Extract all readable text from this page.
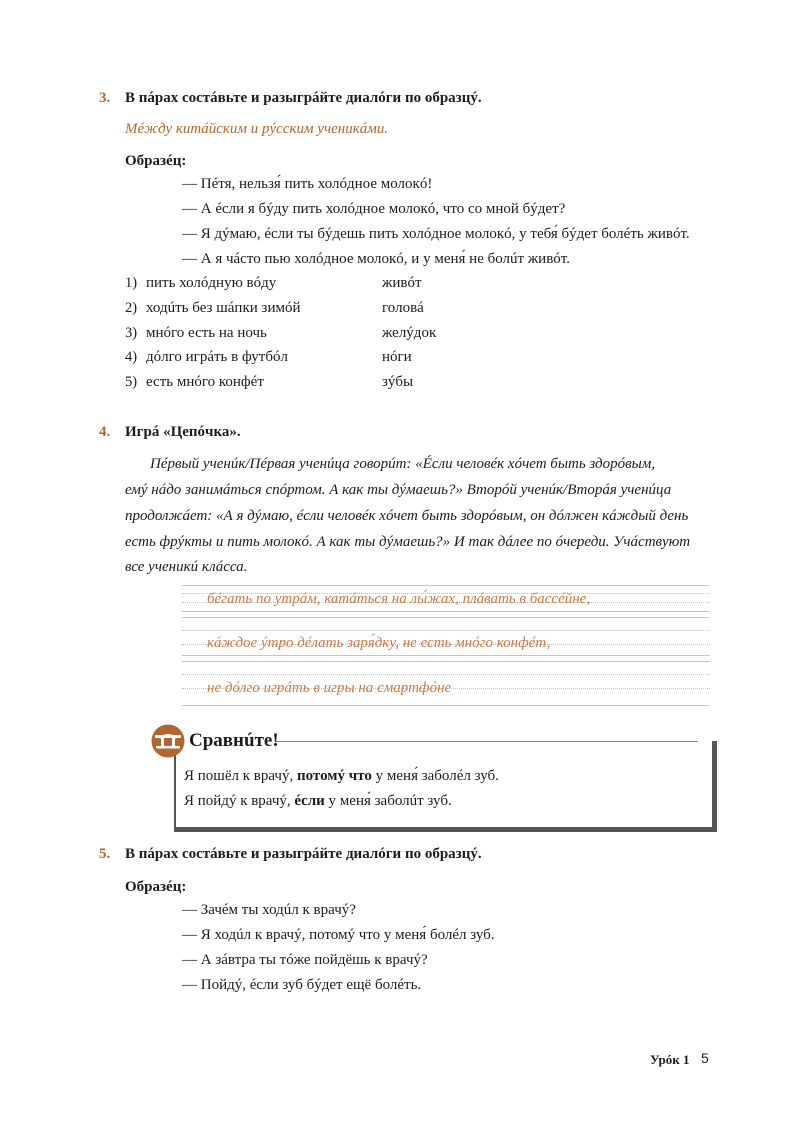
3. В пáрах состáвьте и разыгрáйте диалóги по образцý.
Мéжду китáйским и рýсским ученикáми.
Образéц:
— Пéтя, нельзя́ пить холóдное молокó!
— А éсли я бýду пить холóдное молокó, что со мной бýдет?
— Я дýмаю, éсли ты бýдешь пить холóдное молокó, у тебя́ бýдет болéть живóт.
— А я чáсто пью холóдное молокó, и у меня́ не болúт живóт.
1) пить холóдную вóду	живóт
2) ходúть без шáпки зимóй	головá
3) мнóго есть на ночь	желýдок
4) дóлго игрáть в футбóл	нóги
5) есть мнóго конфéт	зýбы
4. Игрá «Цепóчка».
Пéрвый ученúк/Пéрвая ученúца говорúт: «Éсли человéк хóчет быть здорóвым,
емý нáдо занимáться спóртом. А как ты дýмаешь?» Вторóй ученúк/Вторáя ученúца
продолжáет: «А я дýмаю, éсли человéк хóчет быть здорóвым, он дóлжен кáждый день
есть фрýкты и пить молокó. А как ты дýмаешь?» И так дáлее по óчереди. Учáствуют
все ученикú клáсса.
бéгать по утрáм, катáться на лы́жах, плáвать в бассéйне,
кáждое ýтро дéлать заря́дку, не есть мнóго конфéт,
не дóлго игрáть в игры на смартфóне
Сравнúте!
Я пошёл к врачý, потомý что у меня́ заболéл зуб.
Я пойдý к врачý, éсли у меня́ заболúт зуб.
5. В пáрах состáвьте и разыгрáйте диалóги по образцý.
Образéц:
— Зачéм ты ходúл к врачý?
— Я ходúл к врачý, потомý что у меня́ болéл зуб.
— А зáвтра ты тóже пойдёшь к врачý?
— Пойдý, éсли зуб бýдет ещё болéть.
Урóк 1 5
